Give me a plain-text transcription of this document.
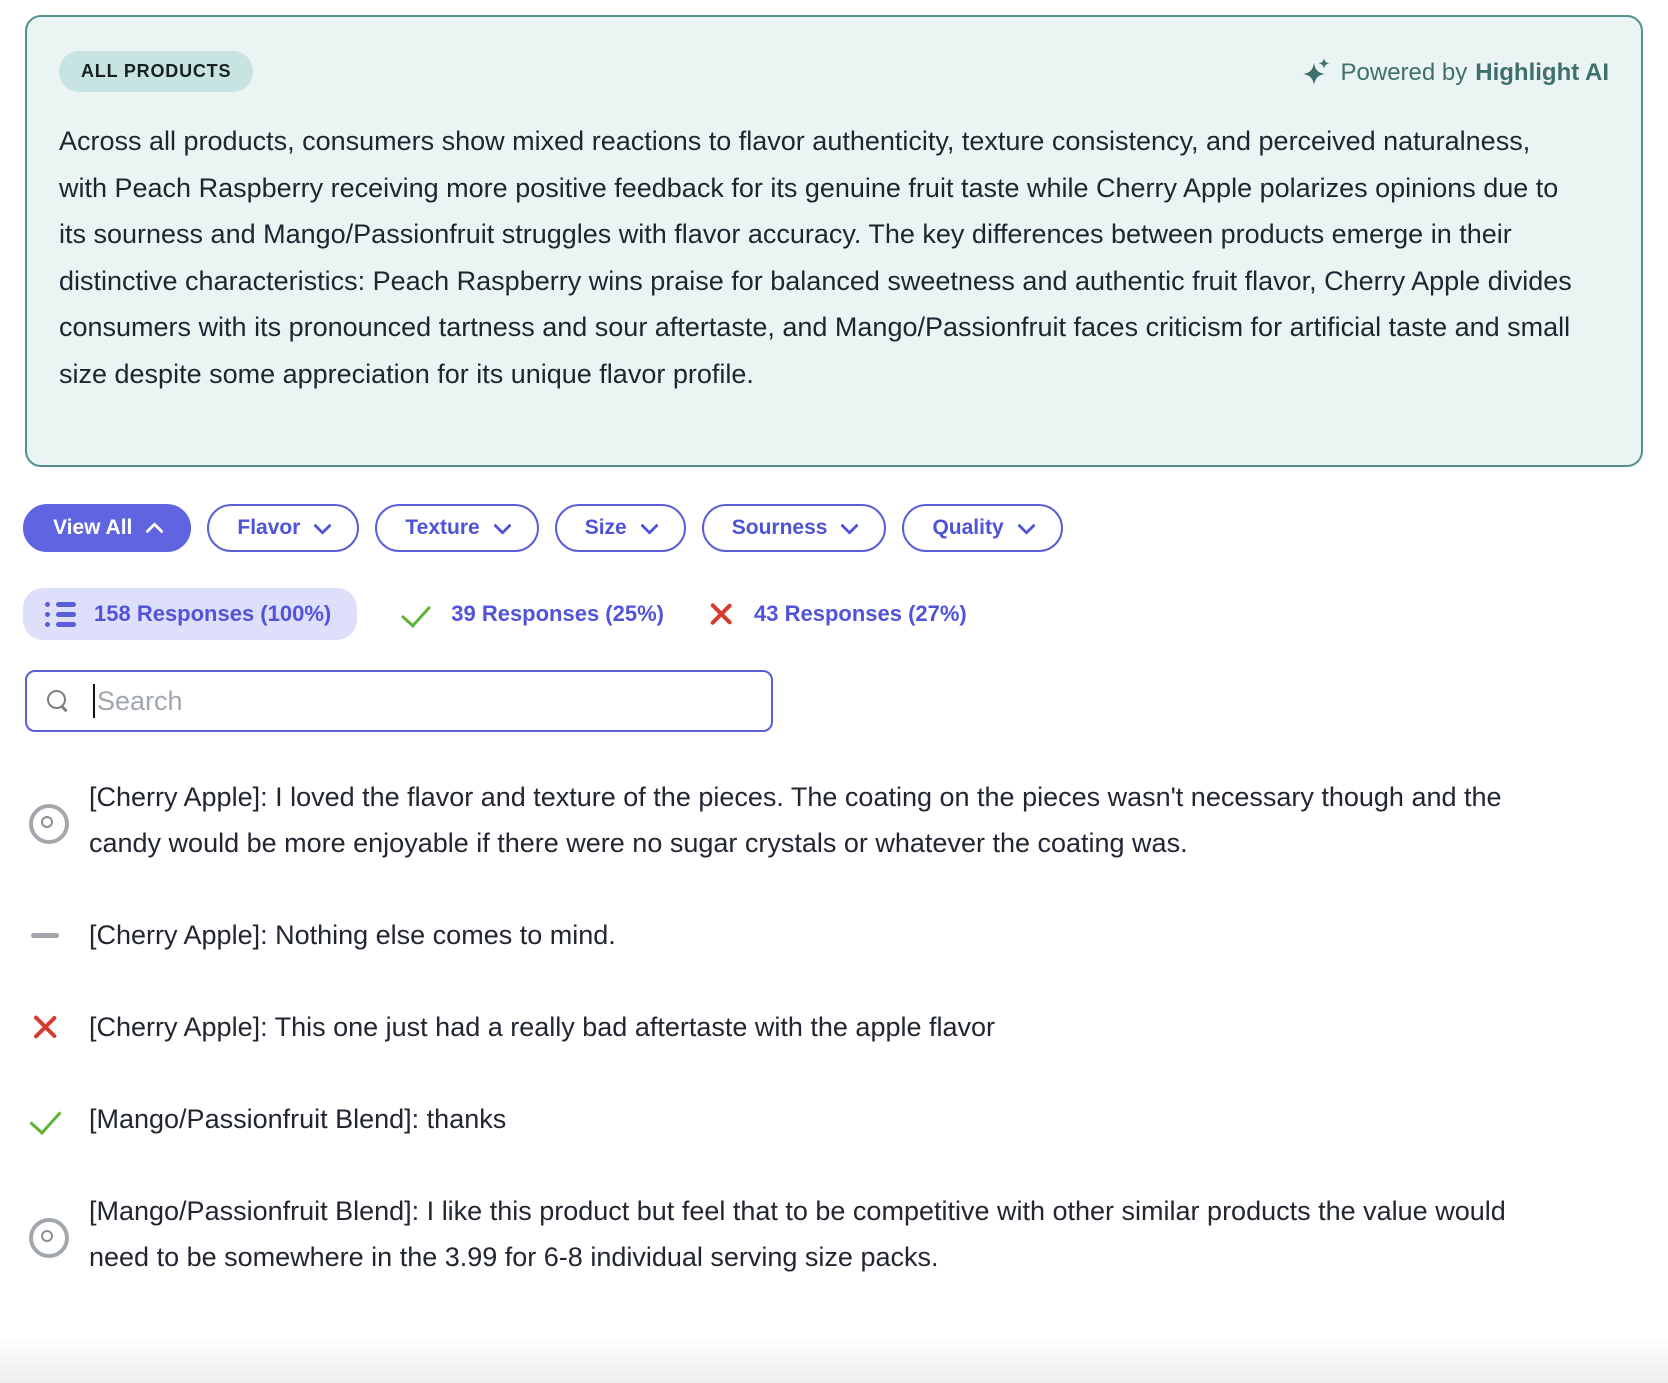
ALL PRODUCTS	Powered by Highlight AI

Across all products, consumers show mixed reactions to flavor authenticity, texture consistency, and perceived naturalness, with Peach Raspberry receiving more positive feedback for its genuine fruit taste while Cherry Apple polarizes opinions due to its sourness and Mango/Passionfruit struggles with flavor accuracy. The key differences between products emerge in their distinctive characteristics: Peach Raspberry wins praise for balanced sweetness and authentic fruit flavor, Cherry Apple divides consumers with its pronounced tartness and sour aftertaste, and Mango/Passionfruit faces criticism for artificial taste and small size despite some appreciation for its unique flavor profile.

View All	Flavor	Texture	Size	Sourness	Quality
158 Responses (100%)	39 Responses (25%)	43 Responses (27%)
Search

[Cherry Apple]: I loved the flavor and texture of the pieces. The coating on the pieces wasn't necessary though and the candy would be more enjoyable if there were no sugar crystals or whatever the coating was.

[Cherry Apple]: Nothing else comes to mind.

[Cherry Apple]: This one just had a really bad aftertaste with the apple flavor

[Mango/Passionfruit Blend]: thanks

[Mango/Passionfruit Blend]: I like this product but feel that to be competitive with other similar products the value would need to be somewhere in the 3.99 for 6-8 individual serving size packs.
